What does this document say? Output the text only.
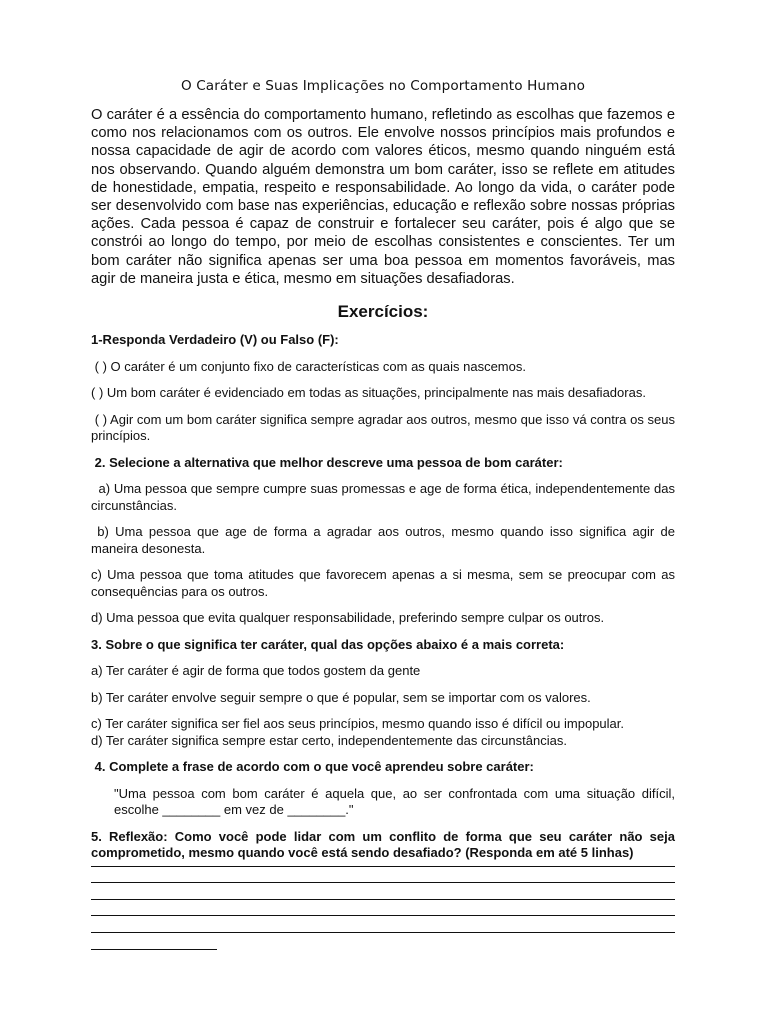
O Caráter e Suas Implicações no Comportamento Humano

O caráter é a essência do comportamento humano, refletindo as escolhas que fazemos e como nos relacionamos com os outros. Ele envolve nossos princípios mais profundos e nossa capacidade de agir de acordo com valores éticos, mesmo quando ninguém está nos observando. Quando alguém demonstra um bom caráter, isso se reflete em atitudes de honestidade, empatia, respeito e responsabilidade. Ao longo da vida, o caráter pode ser desenvolvido com base nas experiências, educação e reflexão sobre nossas próprias ações. Cada pessoa é capaz de construir e fortalecer seu caráter, pois é algo que se constrói ao longo do tempo, por meio de escolhas consistentes e conscientes. Ter um bom caráter não significa apenas ser uma boa pessoa em momentos favoráveis, mas agir de maneira justa e ética, mesmo em situações desafiadoras.

Exercícios:

1-Responda Verdadeiro (V) ou Falso (F):

( ) O caráter é um conjunto fixo de características com as quais nascemos.

( ) Um bom caráter é evidenciado em todas as situações, principalmente nas mais desafiadoras.

( ) Agir com um bom caráter significa sempre agradar aos outros, mesmo que isso vá contra os seus princípios.

2. Selecione a alternativa que melhor descreve uma pessoa de bom caráter:

a) Uma pessoa que sempre cumpre suas promessas e age de forma ética, independentemente das circunstâncias.

b) Uma pessoa que age de forma a agradar aos outros, mesmo quando isso significa agir de maneira desonesta.

c) Uma pessoa que toma atitudes que favorecem apenas a si mesma, sem se preocupar com as consequências para os outros.

d) Uma pessoa que evita qualquer responsabilidade, preferindo sempre culpar os outros.

3. Sobre o que significa ter caráter, qual das opções abaixo é a mais correta:

a) Ter caráter é agir de forma que todos gostem da gente

b) Ter caráter envolve seguir sempre o que é popular, sem se importar com os valores.

c) Ter caráter significa ser fiel aos seus princípios, mesmo quando isso é difícil ou impopular.

d) Ter caráter significa sempre estar certo, independentemente das circunstâncias.

4. Complete a frase de acordo com o que você aprendeu sobre caráter:

"Uma pessoa com bom caráter é aquela que, ao ser confrontada com uma situação difícil, escolhe ________ em vez de ________."

5. Reflexão: Como você pode lidar com um conflito de forma que seu caráter não seja comprometido, mesmo quando você está sendo desafiado? (Responda em até 5 linhas)
